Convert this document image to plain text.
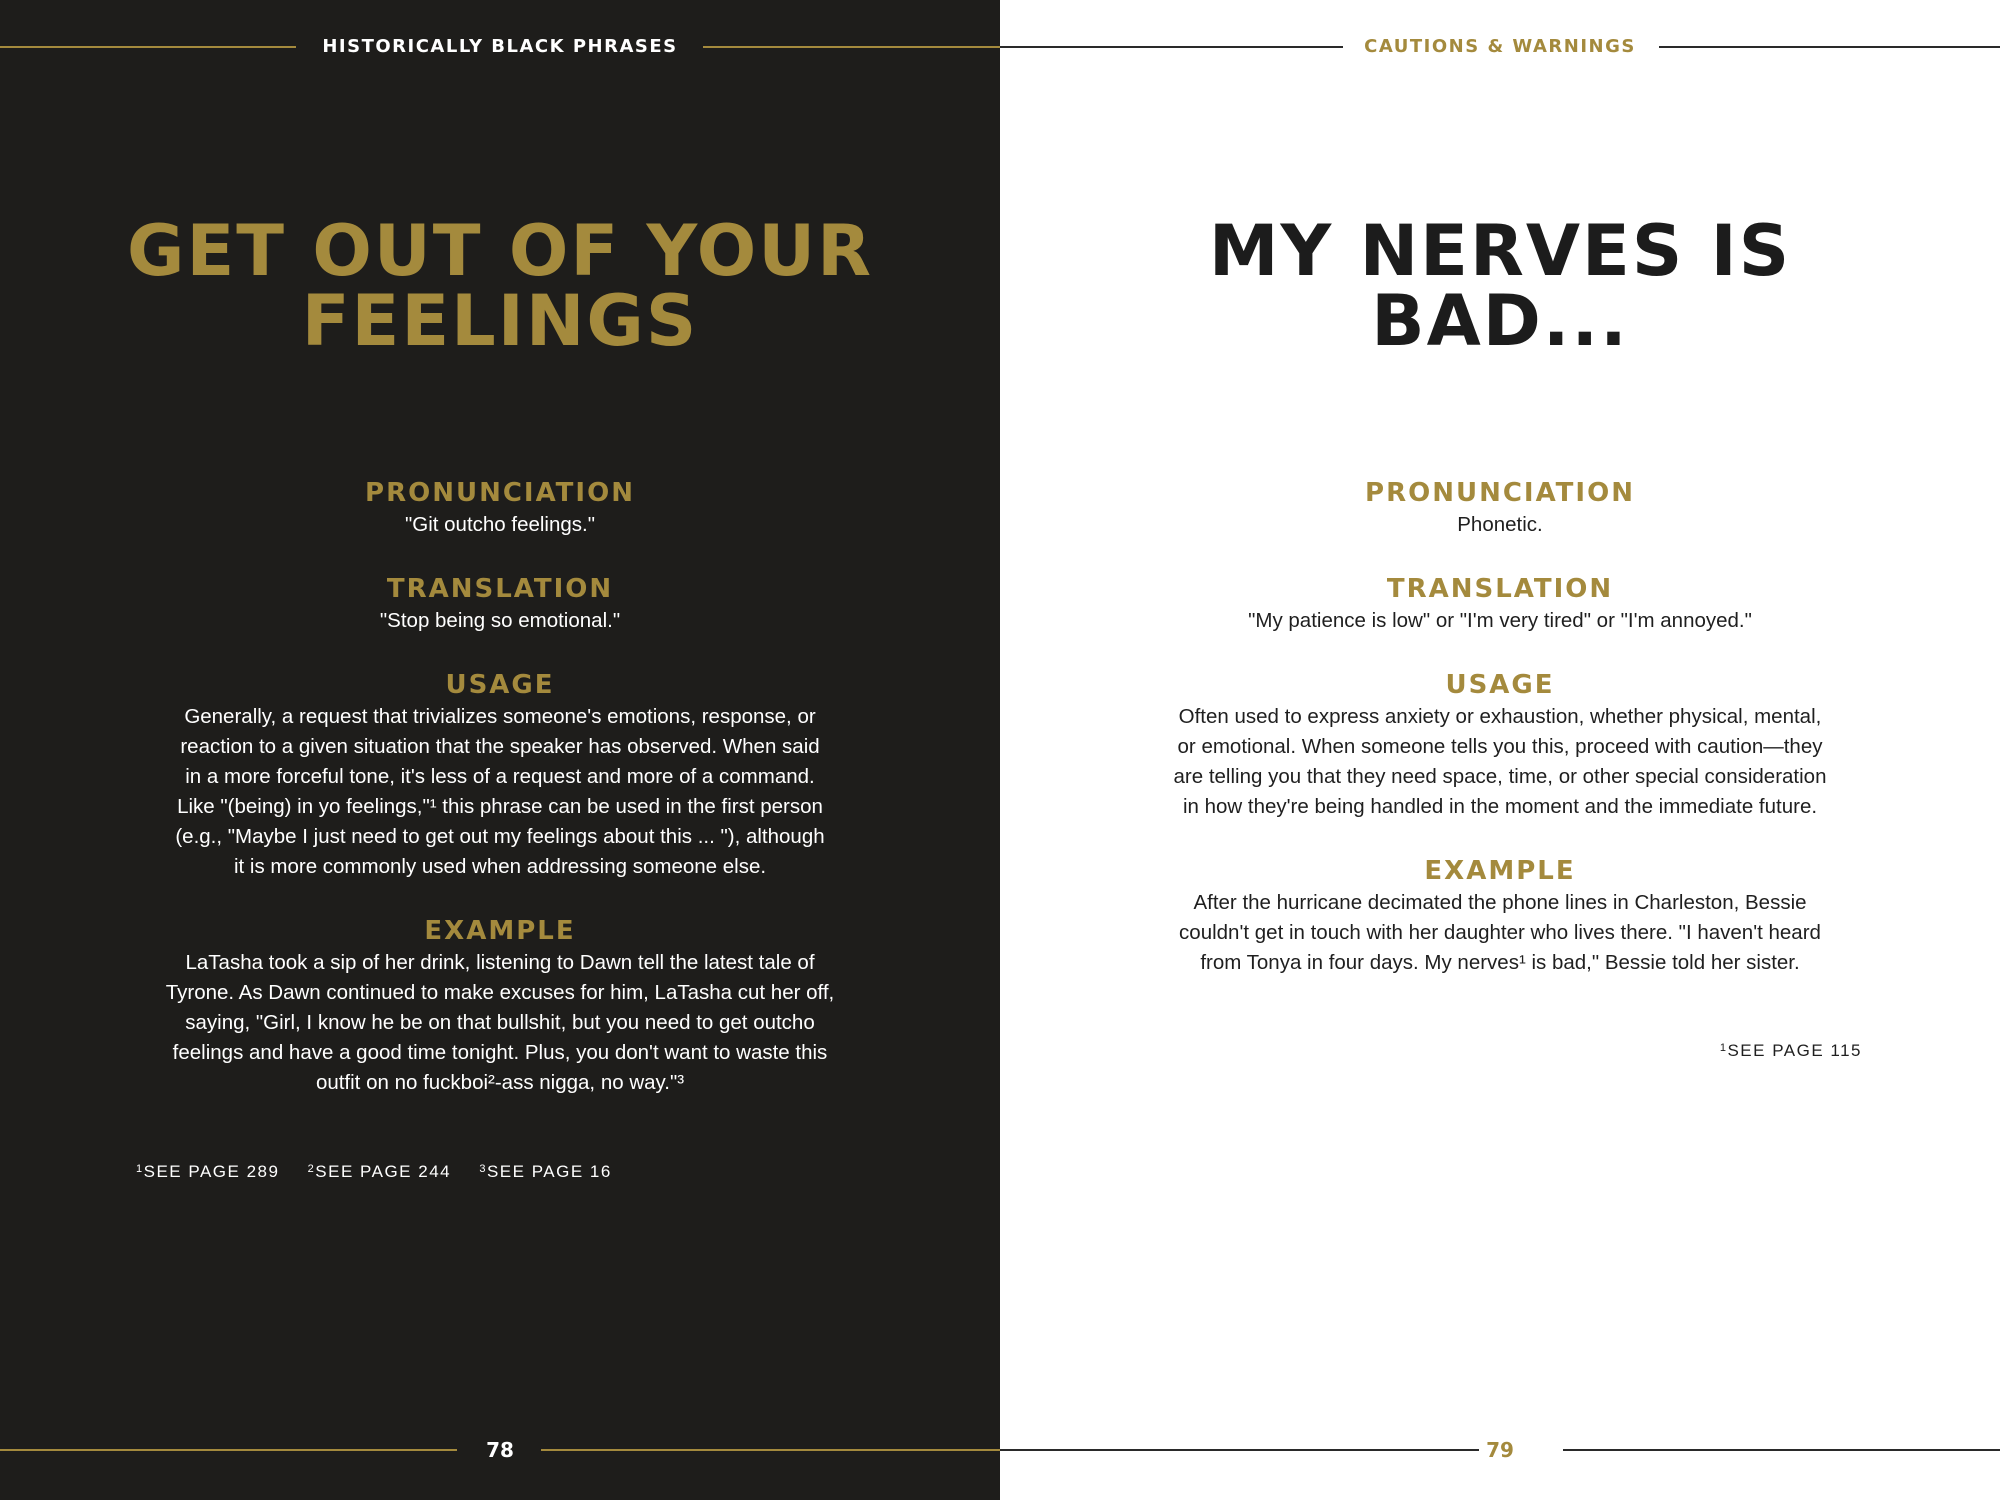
HISTORICALLY BLACK PHRASES
GET OUT OF YOUR
FEELINGS
PRONUNCIATION

"Git outcho feelings."

TRANSLATION

"Stop being so emotional."

USAGE

Generally, a request that trivializes someone's emotions, response, or
reaction to a given situation that the speaker has observed. When said
in a more forceful tone, it's less of a request and more of a command.
Like "(being) in yo feelings,"¹ this phrase can be used in the first person
(e.g., "Maybe I just need to get out my feelings about this ... "), although
it is more commonly used when addressing someone else.

EXAMPLE

LaTasha took a sip of her drink, listening to Dawn tell the latest tale of
Tyrone. As Dawn continued to make excuses for him, LaTasha cut her off,
saying, "Girl, I know he be on that bullshit, but you need to get outcho
feelings and have a good time tonight. Plus, you don't want to waste this
outfit on no fuckboi²-ass nigga, no way."³

$^1$SEE PAGE 289	$^2$SEE PAGE 244	$^3$SEE PAGE 16
78
CAUTIONS & WARNINGS
MY NERVES IS
BAD...
PRONUNCIATION

Phonetic.

TRANSLATION

"My patience is low" or "I'm very tired" or "I'm annoyed."

USAGE

Often used to express anxiety or exhaustion, whether physical, mental,
or emotional. When someone tells you this, proceed with caution—they
are telling you that they need space, time, or other special consideration
in how they're being handled in the moment and the immediate future.

EXAMPLE

After the hurricane decimated the phone lines in Charleston, Bessie
couldn't get in touch with her daughter who lives there. "I haven't heard
from Tonya in four days. My nerves¹ is bad," Bessie told her sister.

$^1$SEE PAGE 115
79
